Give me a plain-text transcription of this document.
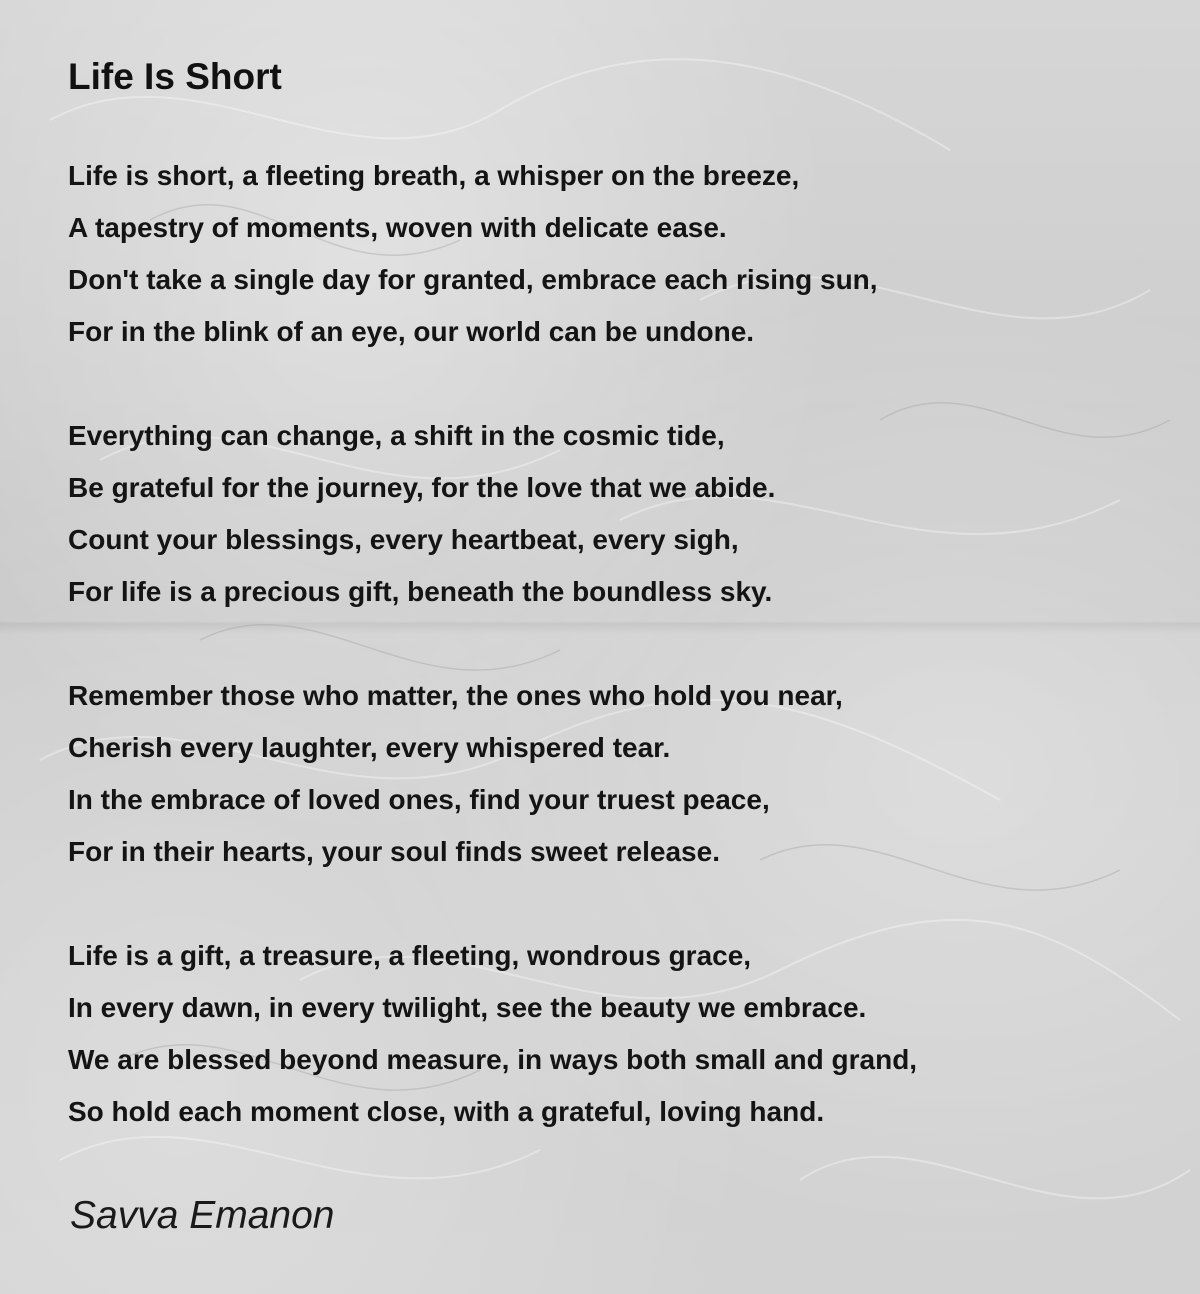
Life Is Short
Life is short, a fleeting breath, a whisper on the breeze,
A tapestry of moments, woven with delicate ease.
Don't take a single day for granted, embrace each rising sun,
For in the blink of an eye, our world can be undone.
Everything can change, a shift in the cosmic tide,
Be grateful for the journey, for the love that we abide.
Count your blessings, every heartbeat, every sigh,
For life is a precious gift, beneath the boundless sky.
Remember those who matter, the ones who hold you near,
Cherish every laughter, every whispered tear.
In the embrace of loved ones, find your truest peace,
For in their hearts, your soul finds sweet release.
Life is a gift, a treasure, a fleeting, wondrous grace,
In every dawn, in every twilight, see the beauty we embrace.
We are blessed beyond measure, in ways both small and grand,
So hold each moment close, with a grateful, loving hand.
Savva Emanon
